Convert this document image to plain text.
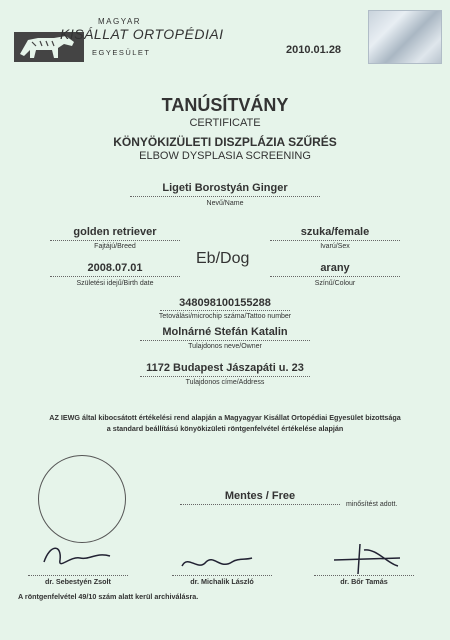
MAGYAR
KISÁLLAT ORTOPÉDIAI
EGYESÜLET	2010.01.28
TANÚSÍTVÁNY
CERTIFICATE
KÖNYÖKIZÜLETI DISZPLÁZIA SZŰRÉS
ELBOW DYSPLASIA SCREENING
Ligeti Borostyán Ginger
Nevű/Name
golden retriever
Fajtájú/Breed
szuka/female
Ivarú/Sex
Eb/Dog
2008.07.01
Születési idejű/Birth date
arany
Színű/Colour
348098100155288
Tetoválási/microchip száma/Tattoo number
Molnárné Stefán Katalin
Tulajdonos neve/Owner
1172 Budapest Jászapáti u. 23
Tulajdonos címe/Address
AZ IEWG által kibocsátott értékelési rend alapján a Magyagyar Kisállat Ortopédiai Egyesület bizottsága
a standard beállítású könyökizületi röntgenfelvétel értékelése alapján
Mentes / Free
minősítést adott.
dr. Sebestyén Zsolt	dr. Michalik László	dr. Bőr Tamás
A röntgenfelvétel 49/10 szám alatt kerül archiválásra.
